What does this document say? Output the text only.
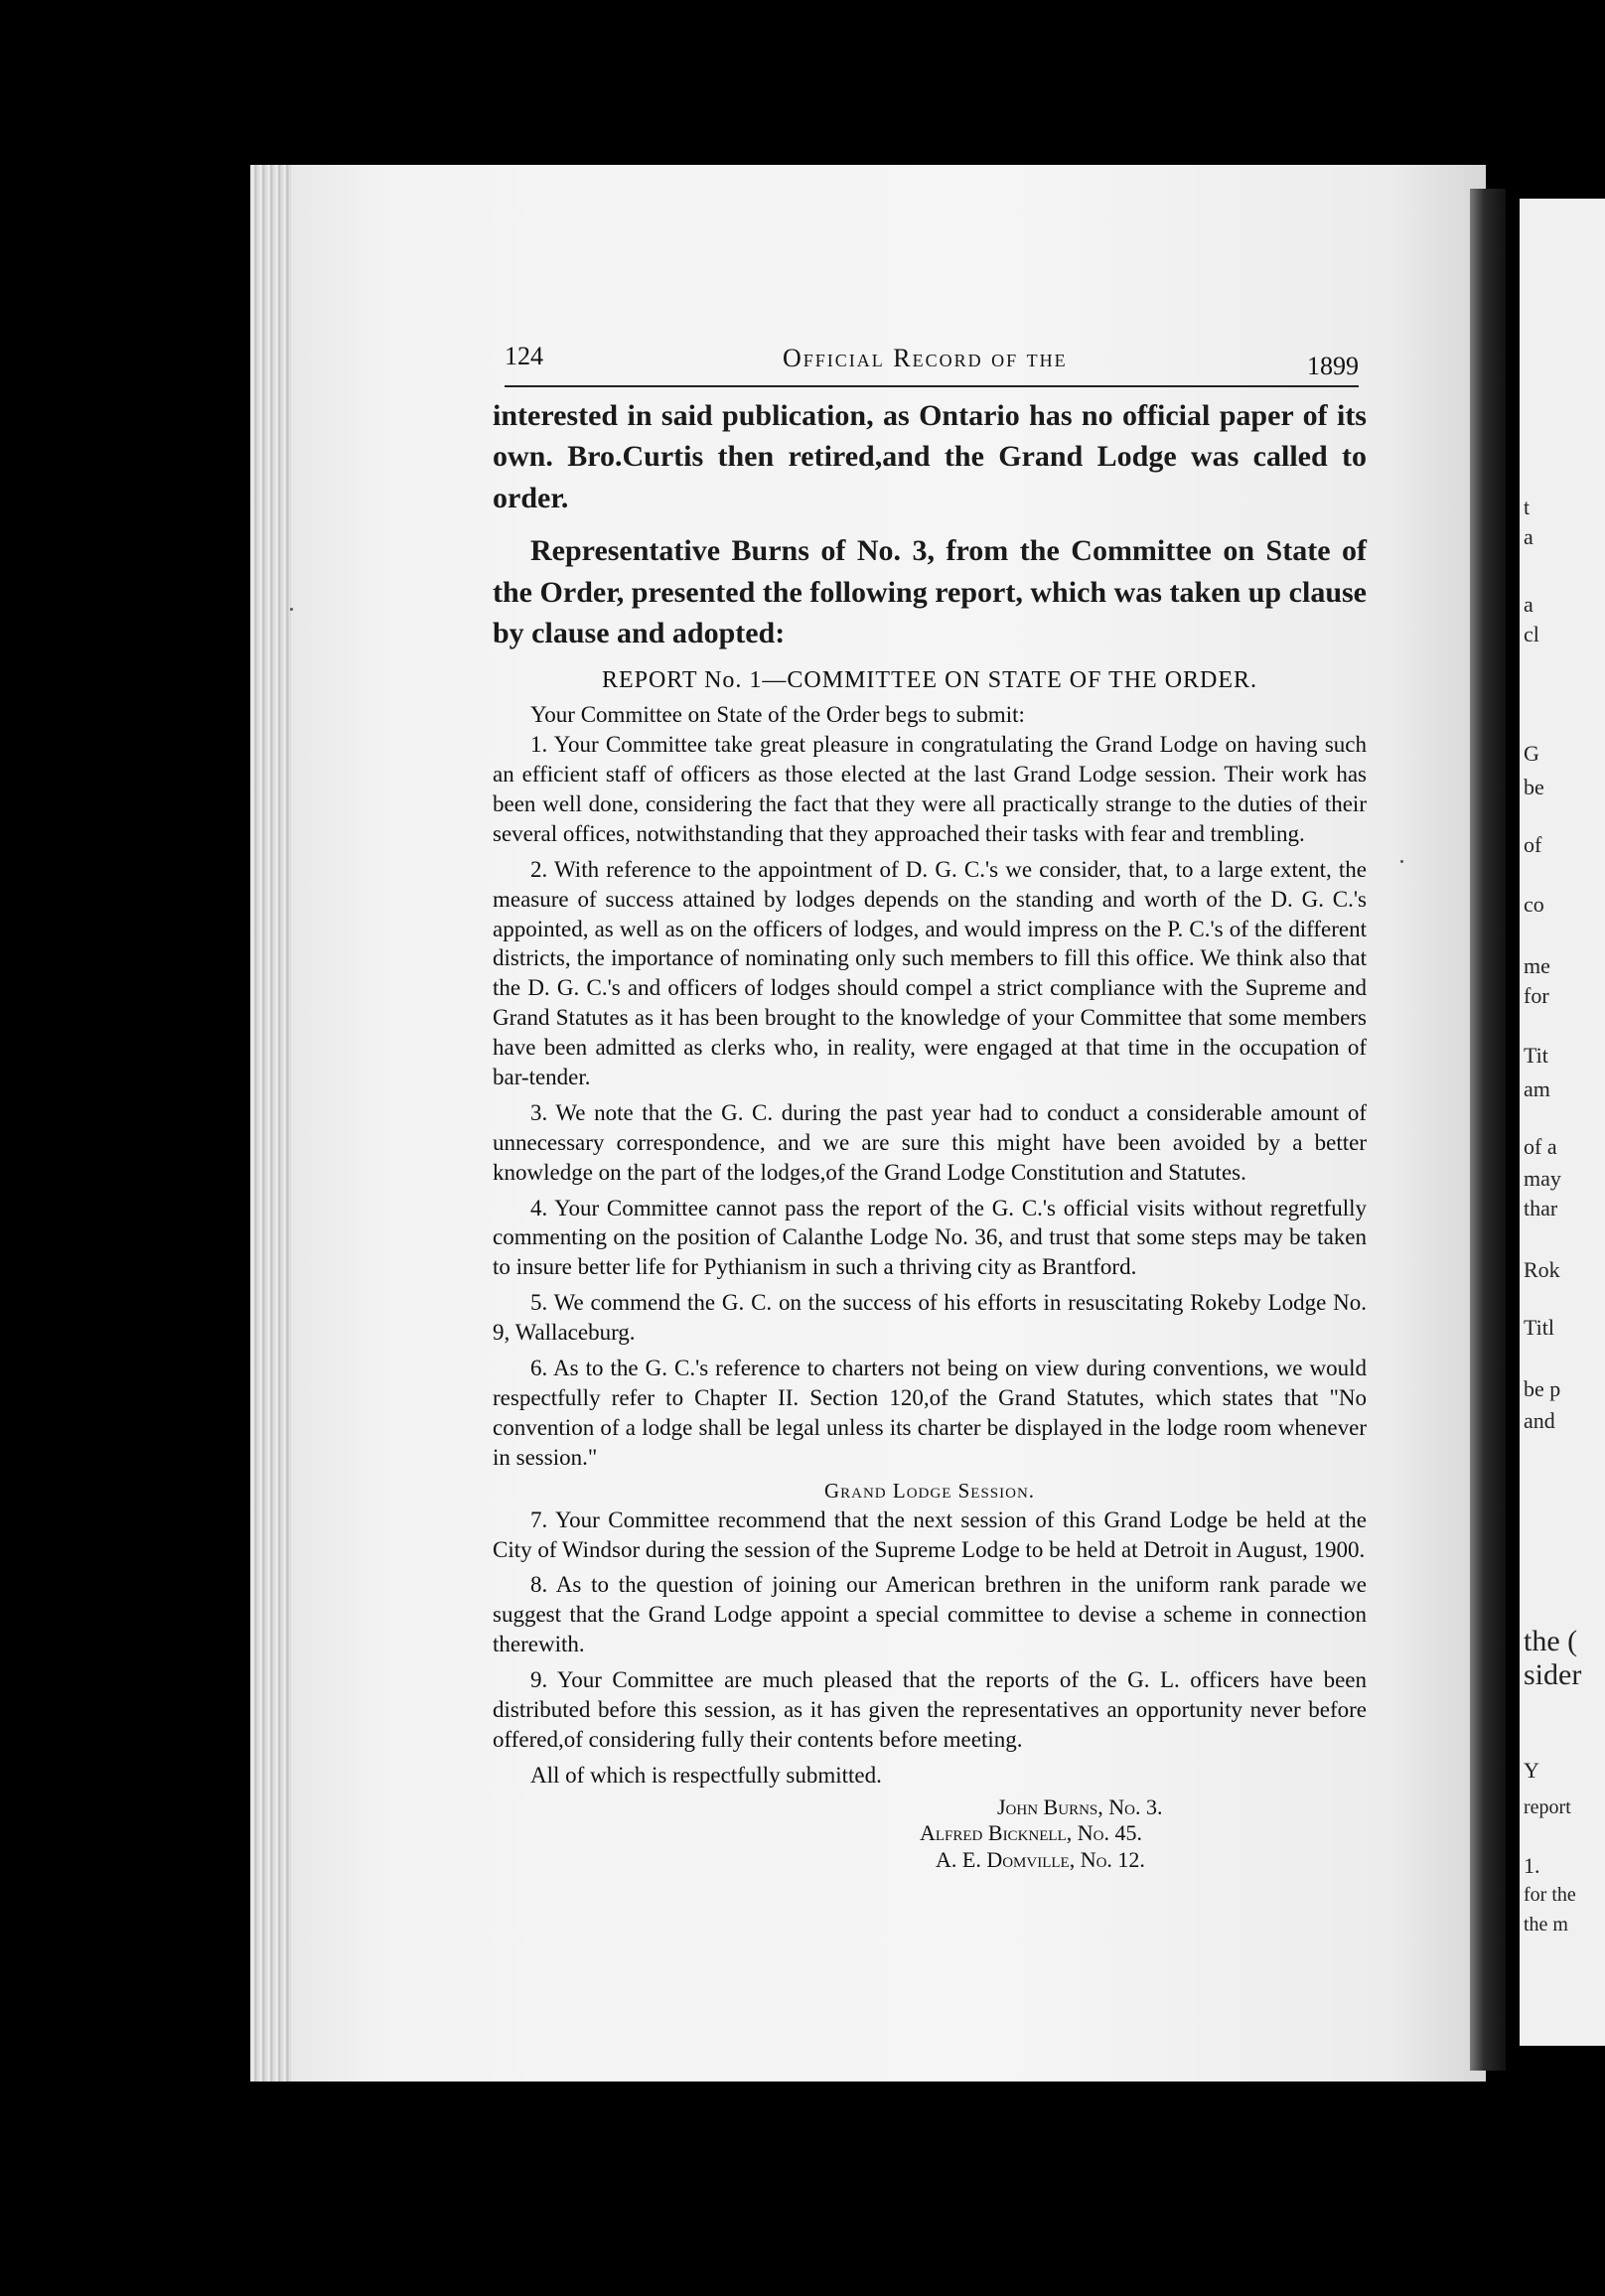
124	Official Record of the	1899

interested in said publication, as Ontario has no official paper of its own. Bro.Curtis then retired,and the Grand Lodge was called to order.

Representative Burns of No. 3, from the Committee on State of the Order, presented the following report, which was taken up clause by clause and adopted:

REPORT No. 1—COMMITTEE ON STATE OF THE ORDER.

Your Committee on State of the Order begs to submit:

1. Your Committee take great pleasure in congratulating the Grand Lodge on having such an efficient staff of officers as those elected at the last Grand Lodge session. Their work has been well done, considering the fact that they were all practically strange to the duties of their several offices, notwithstanding that they approached their tasks with fear and trembling.

2. With reference to the appointment of D. G. C.'s we consider, that, to a large extent, the measure of success attained by lodges depends on the standing and worth of the D. G. C.'s appointed, as well as on the officers of lodges, and would impress on the P. C.'s of the different districts, the importance of nominating only such members to fill this office. We think also that the D. G. C.'s and officers of lodges should compel a strict compliance with the Supreme and Grand Statutes as it has been brought to the knowledge of your Committee that some members have been admitted as clerks who, in reality, were engaged at that time in the occupation of bar-tender.

3. We note that the G. C. during the past year had to conduct a considerable amount of unnecessary correspondence, and we are sure this might have been avoided by a better knowledge on the part of the lodges,of the Grand Lodge Constitution and Statutes.

4. Your Committee cannot pass the report of the G. C.'s official visits without regretfully commenting on the position of Calanthe Lodge No. 36, and trust that some steps may be taken to insure better life for Pythianism in such a thriving city as Brantford.

5. We commend the G. C. on the success of his efforts in resuscitating Rokeby Lodge No. 9, Wallaceburg.

6. As to the G. C.'s reference to charters not being on view during conventions, we would respectfully refer to Chapter II. Section 120,of the Grand Statutes, which states that "No convention of a lodge shall be legal unless its charter be displayed in the lodge room whenever in session."

Grand Lodge Session.

7. Your Committee recommend that the next session of this Grand Lodge be held at the City of Windsor during the session of the Supreme Lodge to be held at Detroit in August, 1900.

8. As to the question of joining our American brethren in the uniform rank parade we suggest that the Grand Lodge appoint a special committee to devise a scheme in connection therewith.

9. Your Committee are much pleased that the reports of the G. L. officers have been distributed before this session, as it has given the representatives an opportunity never before offered,of considering fully their contents before meeting.

All of which is respectfully submitted.

John Burns, No. 3.
Alfred Bicknell, No. 45.
A. E. Domville, No. 12.
t
a
a
cl
G
be
of
co
me
for
Tit
am
of a
may
thar
Rok
Titl
be p
and
the (
sider
Y
report
1.
for the
the m
